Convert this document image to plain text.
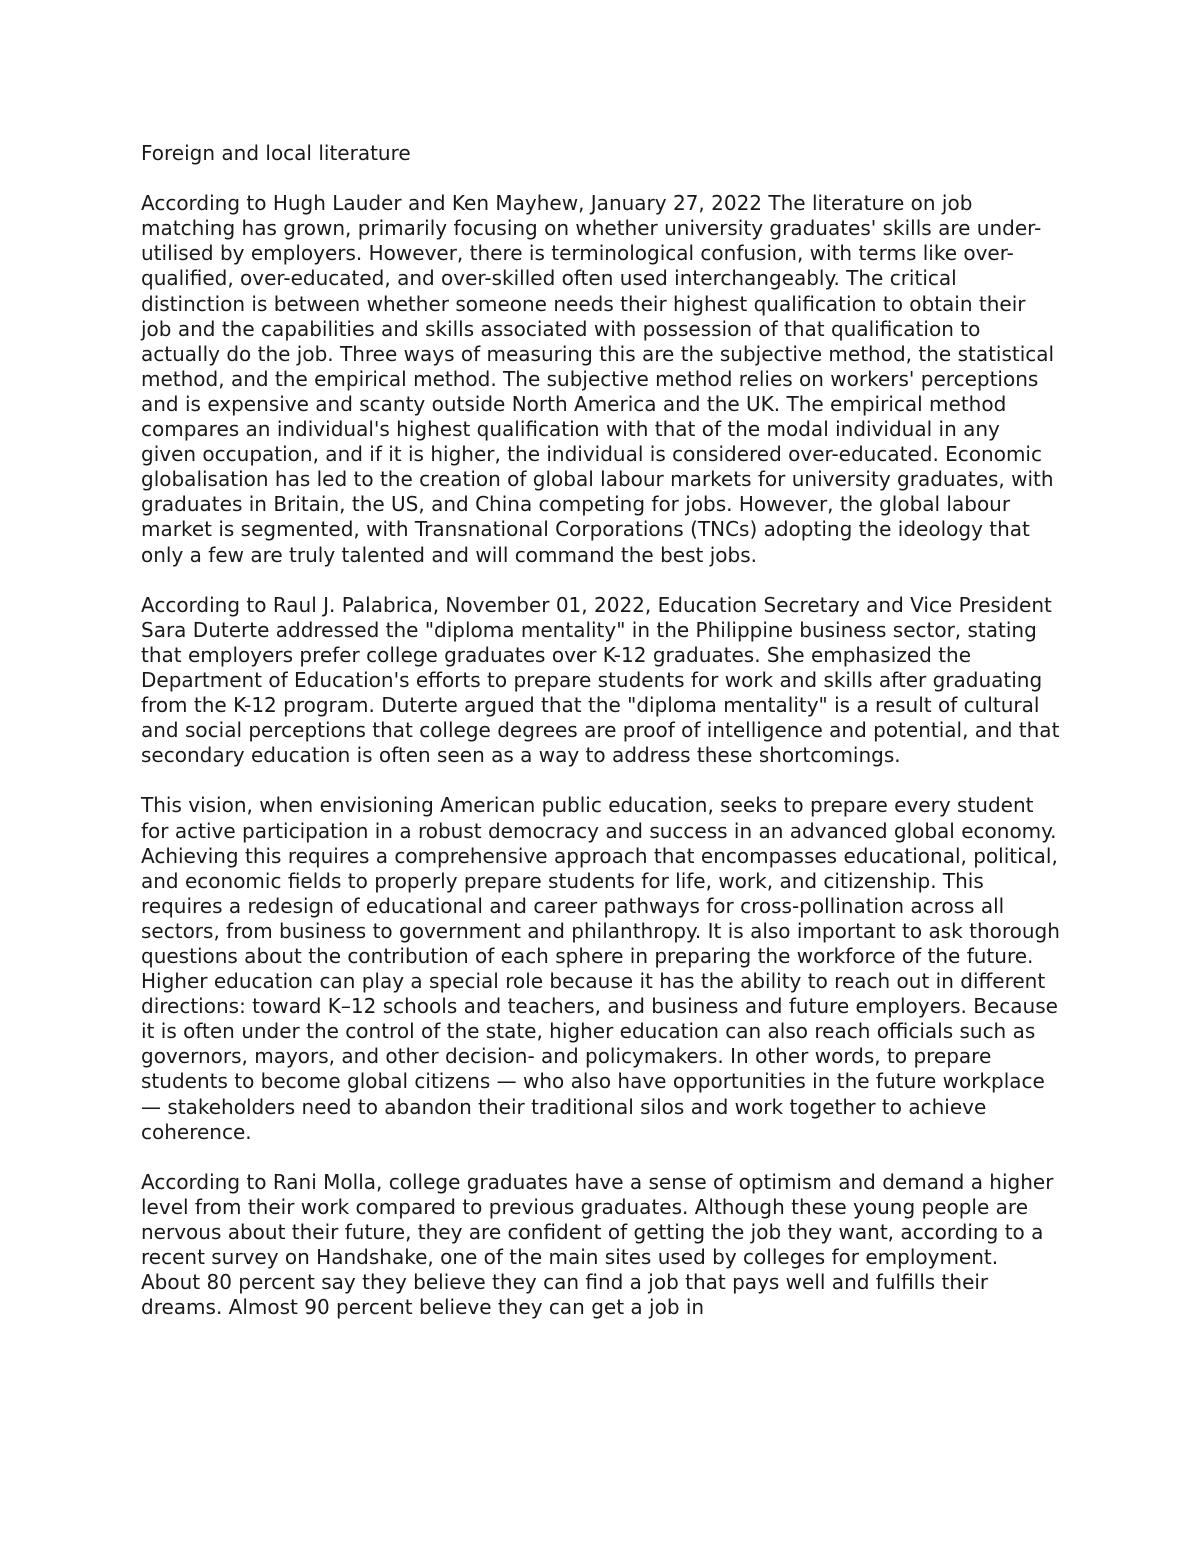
Foreign and local literature

According to Hugh Lauder and Ken Mayhew, January 27, 2022 The literature on job matching has grown, primarily focusing on whether university graduates' skills are under-utilised by employers. However, there is terminological confusion, with terms like over-qualified, over-educated, and over-skilled often used interchangeably. The critical distinction is between whether someone needs their highest qualification to obtain their job and the capabilities and skills associated with possession of that qualification to actually do the job. Three ways of measuring this are the subjective method, the statistical method, and the empirical method. The subjective method relies on workers' perceptions and is expensive and scanty outside North America and the UK. The empirical method compares an individual's highest qualification with that of the modal individual in any given occupation, and if it is higher, the individual is considered over-educated. Economic globalisation has led to the creation of global labour markets for university graduates, with graduates in Britain, the US, and China competing for jobs. However, the global labour market is segmented, with Transnational Corporations (TNCs) adopting the ideology that only a few are truly talented and will command the best jobs.

According to Raul J. Palabrica, November 01, 2022, Education Secretary and Vice President Sara Duterte addressed the "diploma mentality" in the Philippine business sector, stating that employers prefer college graduates over K-12 graduates. She emphasized the Department of Education's efforts to prepare students for work and skills after graduating from the K-12 program. Duterte argued that the "diploma mentality" is a result of cultural and social perceptions that college degrees are proof of intelligence and potential, and that secondary education is often seen as a way to address these shortcomings.

This vision, when envisioning American public education, seeks to prepare every student for active participation in a robust democracy and success in an advanced global economy. Achieving this requires a comprehensive approach that encompasses educational, political, and economic fields to properly prepare students for life, work, and citizenship. This requires a redesign of educational and career pathways for cross-pollination across all sectors, from business to government and philanthropy. It is also important to ask thorough questions about the contribution of each sphere in preparing the workforce of the future. Higher education can play a special role because it has the ability to reach out in different directions: toward K–12 schools and teachers, and business and future employers. Because it is often under the control of the state, higher education can also reach officials such as governors, mayors, and other decision- and policymakers. In other words, to prepare students to become global citizens — who also have opportunities in the future workplace — stakeholders need to abandon their traditional silos and work together to achieve coherence.

According to Rani Molla, college graduates have a sense of optimism and demand a higher level from their work compared to previous graduates. Although these young people are nervous about their future, they are confident of getting the job they want, according to a recent survey on Handshake, one of the main sites used by colleges for employment. About 80 percent say they believe they can find a job that pays well and fulfills their dreams. Almost 90 percent believe they can get a job in
